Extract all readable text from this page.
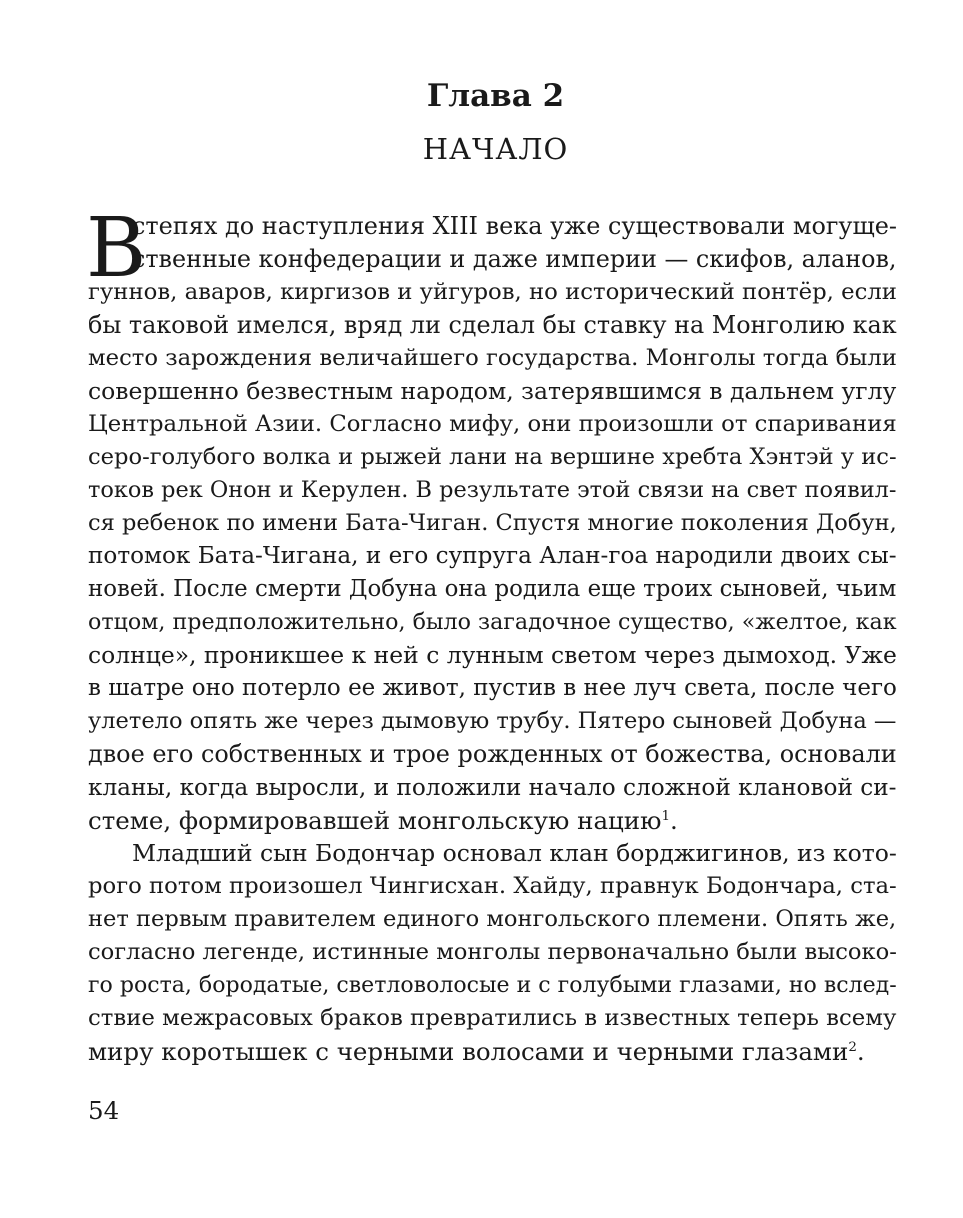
Глава 2
НАЧАЛО
В
степях до наступления XIII века уже существовали могуще-
ственные конфедерации и даже империи — скифов, аланов,
гуннов, аваров, киргизов и уйгуров, но исторический понтёр, если
бы таковой имелся, вряд ли сделал бы ставку на Монголию как
место зарождения величайшего государства. Монголы тогда были
совершенно безвестным народом, затерявшимся в дальнем углу
Центральной Азии. Согласно мифу, они произошли от спаривания
серо-голубого волка и рыжей лани на вершине хребта Хэнтэй у ис-
токов рек Онон и Керулен. В результате этой связи на свет появил-
ся ребенок по имени Бата-Чиган. Спустя многие поколения Добун,
потомок Бата-Чигана, и его супруга Алан-гоа народили двоих сы-
новей. После смерти Добуна она родила еще троих сыновей, чьим
отцом, предположительно, было загадочное существо, «желтое, как
солнце», проникшее к ней с лунным светом через дымоход. Уже
в шатре оно потерло ее живот, пустив в нее луч света, после чего
улетело опять же через дымовую трубу. Пятеро сыновей Добуна —
двое его собственных и трое рожденных от божества, основали
кланы, когда выросли, и положили начало сложной клановой си-
стеме, формировавшей монгольскую нацию$^1$.
Младший сын Бодончар основал клан борджигинов, из кото-
рого потом произошел Чингисхан. Хайду, правнук Бодончара, ста-
нет первым правителем единого монгольского племени. Опять же,
согласно легенде, истинные монголы первоначально были высоко-
го роста, бородатые, светловолосые и с голубыми глазами, но вслед-
ствие межрасовых браков превратились в известных теперь всему
миру коротышек с черными волосами и черными глазами$^2$.
54
